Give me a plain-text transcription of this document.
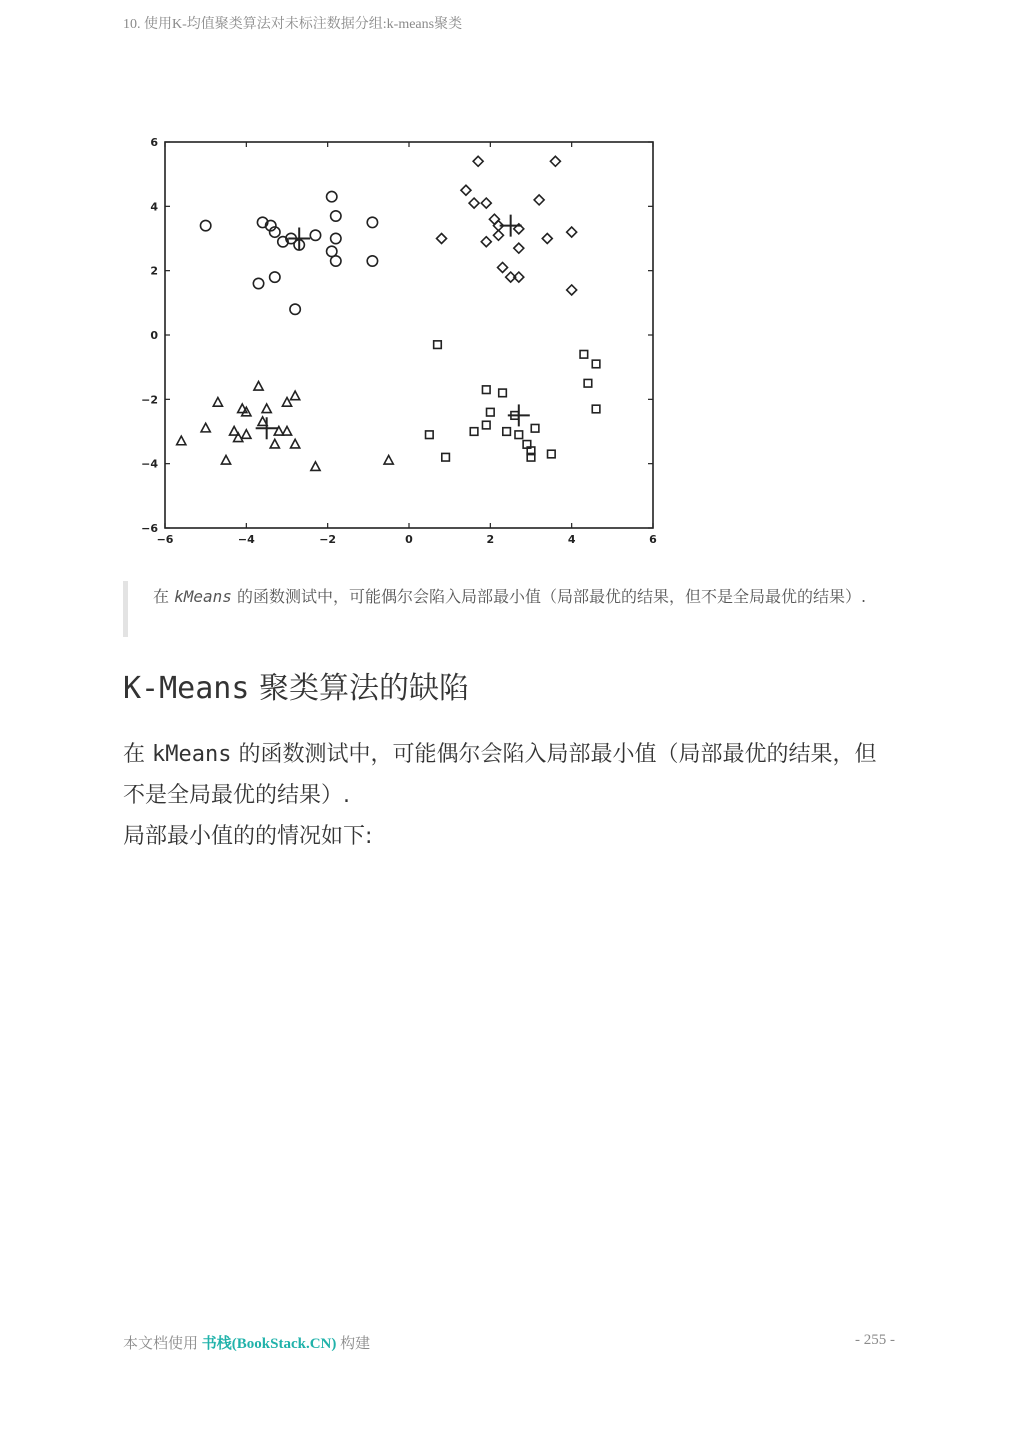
10. 使用K-均值聚类算法对未标注数据分组:k-means聚类
−6	−4	−2	0	2	4	6
−6
−4
−2
0
2
4
6
在 kMeans 的函数测试中，可能偶尔会陷入局部最小值（局部最优的结果，但不是全局最优的结果）.
K-Means 聚类算法的缺陷

在 kMeans 的函数测试中，可能偶尔会陷入局部最小值（局部最优的结果，但不是全局最优的结果）.

局部最小值的的情况如下:

本文档使用 书栈(BookStack.CN) 构建	- 255 -
